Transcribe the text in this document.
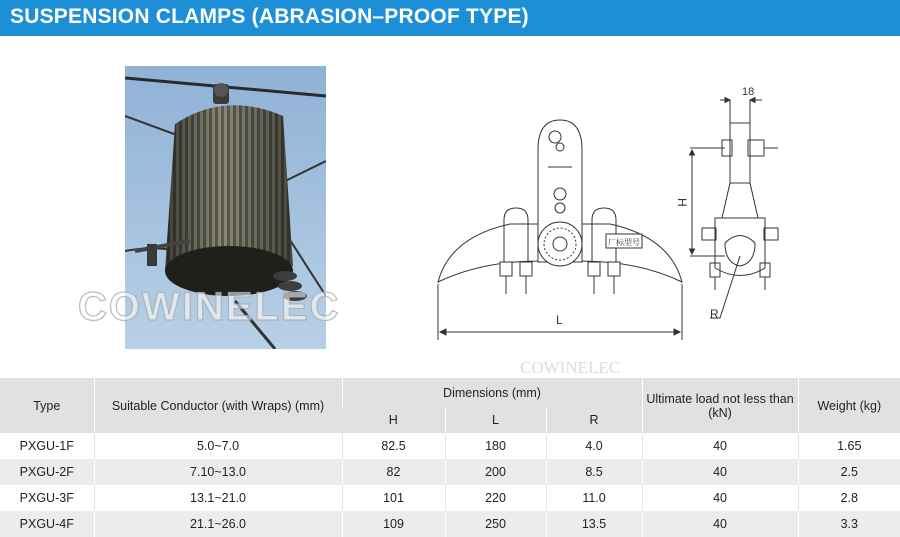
SUSPENSION CLAMPS (ABRASION–PROOF TYPE)
厂标型号
L
18
H
R
COWINELEC
COWINELEC
Type	Suitable Conductor (with Wraps) (mm)	Dimensions (mm)			Ultimate load not less than (kN)	Weight (kg)
		H	L	R		
PXGU-1F	5.0~7.0	82.5	180	4.0	40	1.65
PXGU-2F	7.10~13.0	82	200	8.5	40	2.5
PXGU-3F	13.1~21.0	101	220	11.0	40	2.8
PXGU-4F	21.1~26.0	109	250	13.5	40	3.3
